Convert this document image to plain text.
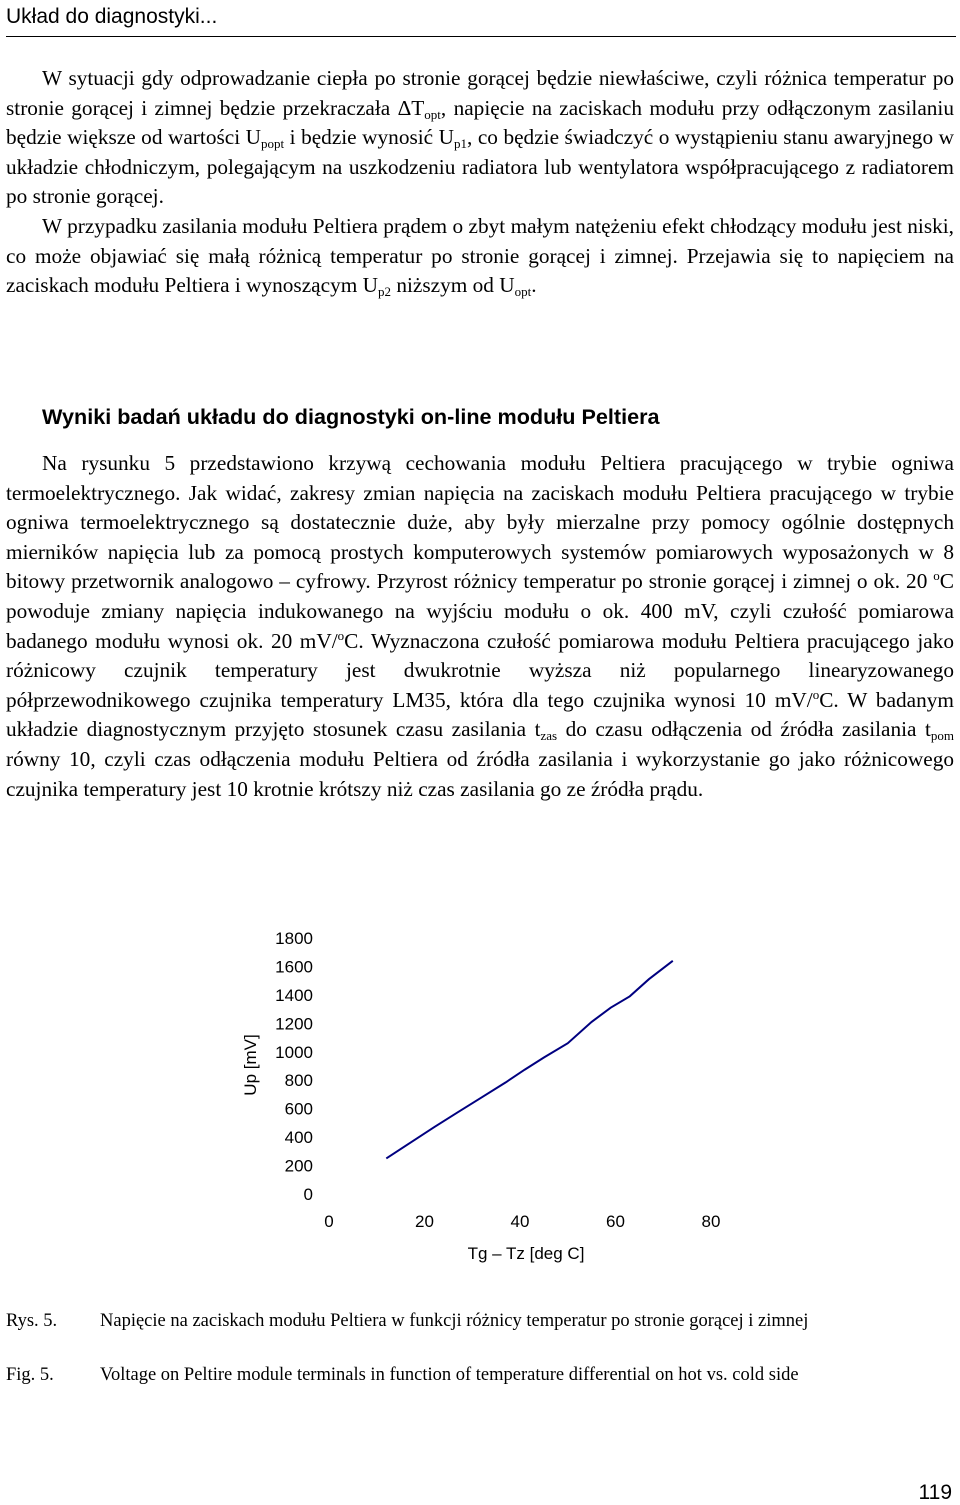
Układ do diagnostyki...

W sytuacji gdy odprowadzanie ciepła po stronie gorącej będzie niewłaściwe, czyli różnica temperatur po stronie gorącej i zimnej będzie przekraczała $\Delta T_{opt}$, napięcie na zaciskach modułu przy odłączonym zasilaniu będzie większe od wartości $U_{popt}$ i będzie wynosić $U_{p1}$, co będzie świadczyć o wystąpieniu stanu awaryjnego w układzie chłodniczym, polegającym na uszkodzeniu radiatora lub wentylatora współpracującego z radiatorem po stronie gorącej.

W przypadku zasilania modułu Peltiera prądem o zbyt małym natężeniu efekt chłodzący modułu jest niski, co może objawiać się małą różnicą temperatur po stronie gorącej i zimnej. Przejawia się to napięciem na zaciskach modułu Peltiera i wynoszącym $U_{p2}$ niższym od $U_{opt}$.

Wyniki badań układu do diagnostyki on-line modułu Peltiera

Na rysunku 5 przedstawiono krzywą cechowania modułu Peltiera pracującego w trybie ogniwa termoelektrycznego. Jak widać, zakresy zmian napięcia na zaciskach modułu Peltiera pracującego w trybie ogniwa termoelektrycznego są dostatecznie duże, aby były mierzalne przy pomocy ogólnie dostępnych mierników napięcia lub za pomocą prostych komputerowych systemów pomiarowych wyposażonych w 8 bitowy przetwornik analogowo – cyfrowy. Przyrost różnicy temperatur po stronie gorącej i zimnej o ok. 20 $^o$C powoduje zmiany napięcia indukowanego na wyjściu modułu o ok. 400 mV, czyli czułość pomiarowa badanego modułu wynosi ok. 20 mV/$^o$C. Wyznaczona czułość pomiarowa modułu Peltiera pracującego jako różnicowy czujnik temperatury jest dwukrotnie wyższa niż popularnego linearyzowanego półprzewodnikowego czujnika temperatury LM35, która dla tego czujnika wynosi 10 mV/$^o$C. W badanym układzie diagnostycznym przyjęto stosunek czasu zasilania $t_{zas}$ do czasu odłączenia od źródła zasilania $t_{pom}$ równy 10, czyli czas odłączenia modułu Peltiera od źródła zasilania i wykorzystanie go jako różnicowego czujnika temperatury jest 10 krotnie krótszy niż czas zasilania go ze źródła prądu.

0
200
400
600
800
1000
1200
1400
1600
1800
0	20	40	60	80
Tg – Tz [deg C]
Up [mV]
Rys. 5.	Napięcie na zaciskach modułu Peltiera w funkcji różnicy temperatur po stronie gorącej i zimnej
Fig. 5.	Voltage on Peltire module terminals in function of temperature differential on hot vs. cold side
119
